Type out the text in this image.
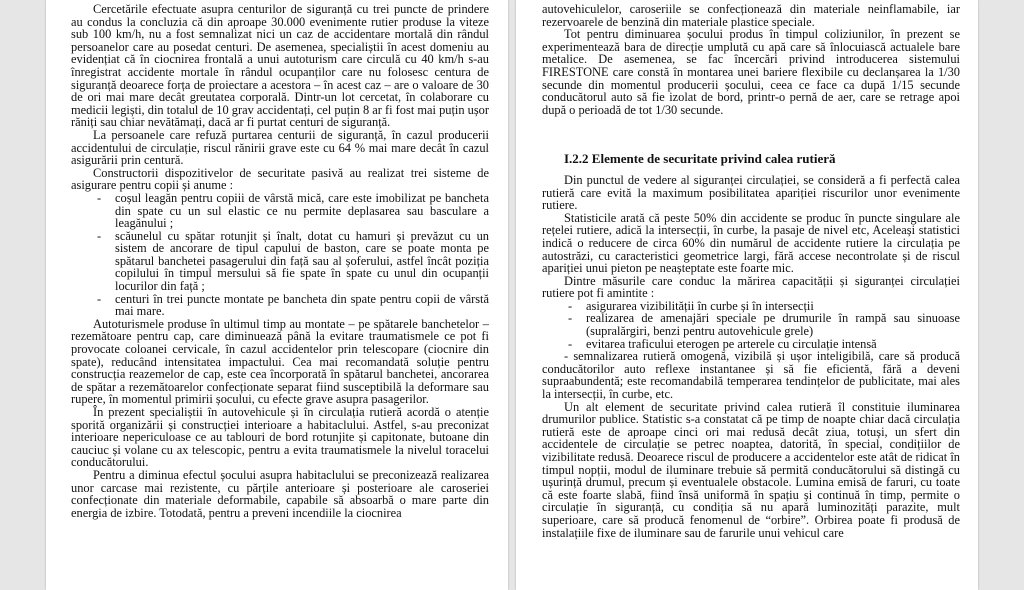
Cercetările efectuate asupra centurilor de siguranță cu trei puncte de prindere au condus la concluzia că din aproape 30.000 evenimente rutier produse la viteze sub 100 km/h, nu a fost semnalizat nici un caz de accidentare mortală din rândul persoanelor care au posedat centuri. De asemenea, specialiștii în acest domeniu au evidențiat că în ciocnirea frontală a unui autoturism care circulă cu 40 km/h s-au înregistrat accidente mortale în rândul ocupanților care nu folosesc centura de siguranță deoarece forța de proiectare a acestora – în acest caz – are o valoare de 30 de ori mai mare decât greutatea corporală. Dintr-un lot cercetat, în colaborare cu medicii legiști, din totalul de 10 grav accidentați, cel puțin 8 ar fi fost mai puțin ușor răniți sau chiar nevătămați, dacă ar fi purtat centuri de siguranță.

La persoanele care refuză purtarea centurii de siguranță, în cazul producerii accidentului de circulație, riscul rănirii grave este cu 64 % mai mare decât în cazul asigurării prin centură.

Constructorii dispozitivelor de securitate pasivă au realizat trei sisteme de asigurare pentru copii și anume :

- coșul leagăn pentru copiii de vârstă mică, care este imobilizat pe bancheta din spate cu un sul elastic ce nu permite deplasarea sau basculare a leagănului ;
- scăunelul cu spătar rotunjit și înalt, dotat cu hamuri și prevăzut cu un sistem de ancorare de tipul capului de baston, care se poate monta pe spătarul banchetei pasagerului din față sau al șoferului, astfel încât poziția copilului în timpul mersului să fie spate în spate cu unul din ocupanții locurilor din față ;
- centuri în trei puncte montate pe bancheta din spate pentru copii de vârstă mai mare.

Autoturismele produse în ultimul timp au montate – pe spătarele banchetelor – rezemătoare pentru cap, care diminuează până la evitare traumatismele ce pot fi provocate coloanei cervicale, în cazul accidentelor prin telescopare (ciocnire din spate), reducând intensitatea impactului. Cea mai recomandată soluție pentru construcția reazemelor de cap, este cea încorporată în spătarul banchetei, ancorarea de spătar a rezemătoarelor confecționate separat fiind susceptibilă la deformare sau rupere, în momentul primirii șocului, cu efecte grave asupra pasagerilor.

În prezent specialiștii în autovehicule și în circulația rutieră acordă o atenție sporită organizării și construcției interioare a habitaclului. Astfel, s-au preconizat interioare nepericuloase ce au tablouri de bord rotunjite și capitonate, butoane din cauciuc și volane cu ax telescopic, pentru a evita traumatismele la nivelul toracelui conducătorului.

Pentru a diminua efectul șocului asupra habitaclului se preconizează realizarea unor carcase mai rezistente, cu părțile anterioare și posterioare ale caroseriei confecționate din materiale deformabile, capabile să absoarbă o mare parte din energia de izbire. Totodată, pentru a preveni incendiile la ciocnirea

autovehiculelor, caroseriile se confecționează din materiale neinflamabile, iar rezervoarele de benzină din materiale plastice speciale.

Tot pentru diminuarea șocului produs în timpul coliziunilor, în prezent se experimentează bara de direcție umplută cu apă care să înlocuiască actualele bare metalice. De asemenea, se fac încercări privind introducerea sistemului FIRESTONE care constă în montarea unei bariere flexibile cu declanșarea la 1/30 secunde din momentul producerii șocului, ceea ce face ca după 1/15 secunde conducătorul auto să fie izolat de bord, printr-o pernă de aer, care se retrage apoi după o perioadă de tot 1/30 secunde.

I.2.2 Elemente de securitate privind calea rutieră

Din punctul de vedere al siguranței circulației, se consideră a fi perfectă calea rutieră care evită la maximum posibilitatea apariției riscurilor unor evenimente rutiere.

Statisticile arată că peste 50% din accidente se produc în puncte singulare ale rețelei rutiere, adică la intersecții, în curbe, la pasaje de nivel etc, Aceleași statistici indică o reducere de circa 60% din numărul de accidente rutiere la circulația pe autostrăzi, cu caracteristici geometrice largi, fără accese necontrolate și de riscul apariției unui pieton pe neașteptate este foarte mic.

Dintre măsurile care conduc la mărirea capacității și siguranței circulației rutiere pot fi amintite :

- asigurarea vizibilității în curbe și în intersecții
- realizarea de amenajări speciale pe drumurile în rampă sau sinuoase (supralărgiri, benzi pentru autovehicule grele)
- evitarea traficului eterogen pe arterele cu circulație intensă

- semnalizarea rutieră omogenă, vizibilă și ușor inteligibilă, care să producă conducătorilor auto reflexe instantanee și să fie eficientă, fără a deveni supraabundentă; este recomandabilă temperarea tendințelor de publicitate, mai ales la intersecții, în curbe, etc.

Un alt element de securitate privind calea rutieră îl constituie iluminarea drumurilor publice. Statistic s-a constatat că pe timp de noapte chiar dacă circulația rutieră este de aproape cinci ori mai redusă decât ziua, totuși, un sfert din accidentele de circulație se petrec noaptea, datorită, în special, condițiilor de vizibilitate redusă. Deoarece riscul de producere a accidentelor este atât de ridicat în timpul nopții, modul de iluminare trebuie să permită conducătorului să distingă cu ușurință drumul, precum și eventualele obstacole. Lumina emisă de faruri, cu toate că este foarte slabă, fiind însă uniformă în spațiu și continuă în timp, permite o circulație în siguranță, cu condiția să nu apară luminozități parazite, mult superioare, care să producă fenomenul de “orbire”. Orbirea poate fi produsă de instalațiile fixe de iluminare sau de farurile unui vehicul care
